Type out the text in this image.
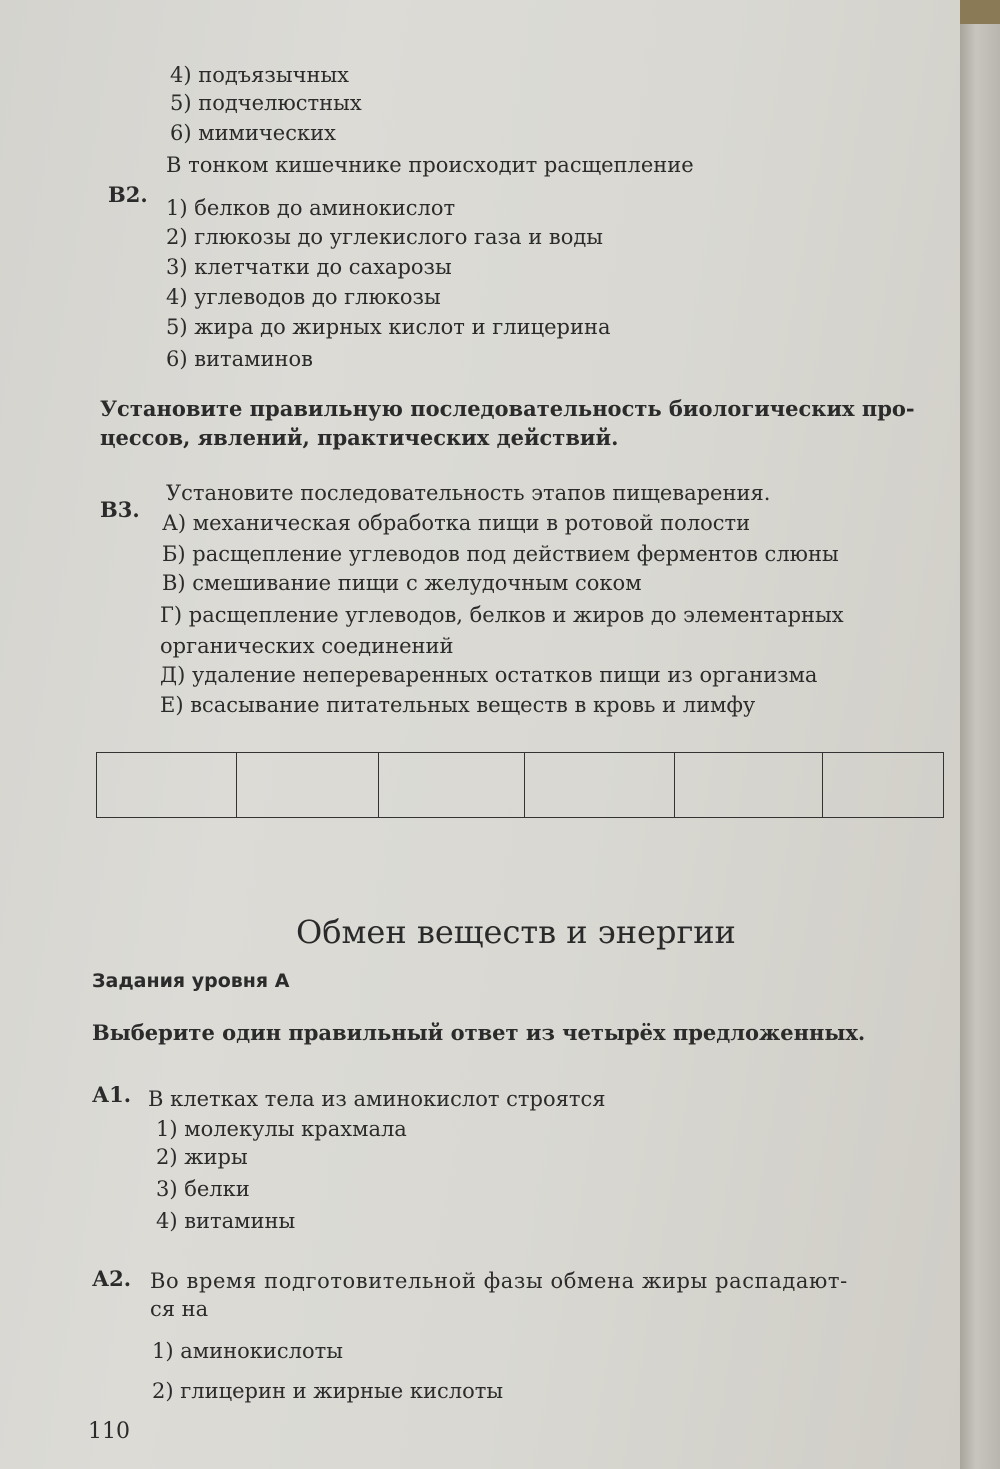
4) подъязычных
5) подчелюстных
6) мимических
В2.
В тонком кишечнике происходит расщепление
1) белков до аминокислот
2) глюкозы до углекислого газа и воды
3) клетчатки до сахарозы
4) углеводов до глюкозы
5) жира до жирных кислот и глицерина
6) витаминов
Установите правильную последовательность биологических про-
цессов, явлений, практических действий.
В3.
Установите последовательность этапов пищеварения.
А) механическая обработка пищи в ротовой полости
Б) расщепление углеводов под действием ферментов слюны
В) смешивание пищи с желудочным соком
Г) расщепление углеводов, белков и жиров до элементарных
органических соединений
Д) удаление непереваренных остатков пищи из организма
Е) всасывание питательных веществ в кровь и лимфу
Обмен веществ и энергии
Задания уровня А
Выберите один правильный ответ из четырёх предложенных.
А1. В клетках тела из аминокислот строятся
1) молекулы крахмала
2) жиры
3) белки
4) витамины
А2. Во время подготовительной фазы обмена жиры распадают-
ся на
1) аминокислоты
2) глицерин и жирные кислоты
110
